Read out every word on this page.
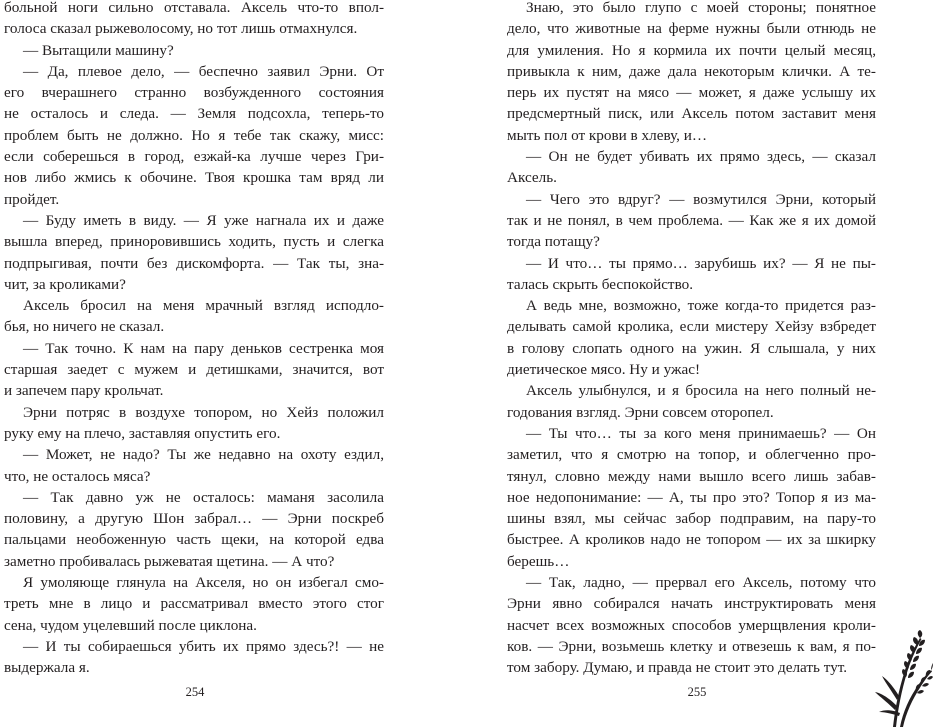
больной ноги сильно отставала. Аксель что-то впол-
голоса сказал рыжеволосому, но тот лишь отмахнулся.
— Вытащили машину?
— Да, плевое дело, — беспечно заявил Эрни. От
его вчерашнего странно возбужденного состояния
не осталось и следа. — Земля подсохла, теперь-то
проблем быть не должно. Но я тебе так скажу, мисс:
если соберешься в город, езжай-ка лучше через Гри-
нов либо жмись к обочине. Твоя крошка там вряд ли
пройдет.
— Буду иметь в виду. — Я уже нагнала их и даже
вышла вперед, приноровившись ходить, пусть и слегка
подпрыгивая, почти без дискомфорта. — Так ты, зна-
чит, за кроликами?
Аксель бросил на меня мрачный взгляд исподло-
бья, но ничего не сказал.
— Так точно. К нам на пару деньков сестренка моя
старшая заедет с мужем и детишками, значится, вот
и запечем пару крольчат.
Эрни потряс в воздухе топором, но Хейз положил
руку ему на плечо, заставляя опустить его.
— Может, не надо? Ты же недавно на охоту ездил,
что, не осталось мяса?
— Так давно уж не осталось: маманя засолила
половину, а другую Шон забрал… — Эрни поскреб
пальцами необоженную часть щеки, на которой едва
заметно пробивалась рыжеватая щетина. — А что?
Я умоляюще глянула на Акселя, но он избегал смо-
треть мне в лицо и рассматривал вместо этого стог
сена, чудом уцелевший после циклона.
— И ты собираешься убить их прямо здесь?! — не
выдержала я.
254
Знаю, это было глупо с моей стороны; понятное
дело, что животные на ферме нужны были отнюдь не
для умиления. Но я кормила их почти целый месяц,
привыкла к ним, даже дала некоторым клички. А те-
перь их пустят на мясо — может, я даже услышу их
предсмертный писк, или Аксель потом заставит меня
мыть пол от крови в хлеву, и…
— Он не будет убивать их прямо здесь, — сказал
Аксель.
— Чего это вдруг? — возмутился Эрни, который
так и не понял, в чем проблема. — Как же я их домой
тогда потащу?
— И что… ты прямо… зарубишь их? — Я не пы-
талась скрыть беспокойство.
А ведь мне, возможно, тоже когда-то придется раз-
делывать самой кролика, если мистеру Хейзу взбредет
в голову слопать одного на ужин. Я слышала, у них
диетическое мясо. Ну и ужас!
Аксель улыбнулся, и я бросила на него полный не-
годования взгляд. Эрни совсем оторопел.
— Ты что… ты за кого меня принимаешь? — Он
заметил, что я смотрю на топор, и облегченно про-
тянул, словно между нами вышло всего лишь забав-
ное недопонимание: — А, ты про это? Топор я из ма-
шины взял, мы сейчас забор подправим, на пару-то
быстрее. А кроликов надо не топором — их за шкирку
берешь…
— Так, ладно, — прервал его Аксель, потому что
Эрни явно собирался начать инструктировать меня
насчет всех возможных способов умерщвления кроли-
ков. — Эрни, возьмешь клетку и отвезешь к вам, я по-
том забору. Думаю, и правда не стоит это делать тут.
255
